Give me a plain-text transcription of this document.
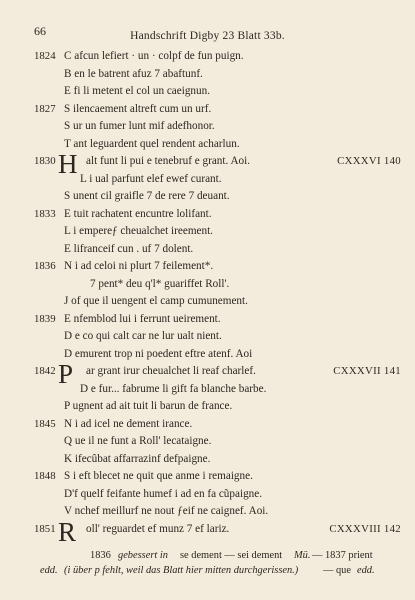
66	Handschrift Digby 23 Blatt 33b.
1824 C afcun lefiert · un · colpf de fun puign.
B en le batrent afuz 7 abaftunf.
E fi li metent el col un caeignun.
1827 S ilencaement altreft cum un urf.
S ur un fumer lunt mif adefhonor.
T ant leguardent quel rendent acharlun.
1830 H alt funt li pui e tenebruf e grant. Aoi.	CXXXVI 140
L i ual parfunt elef ewef curant.
S unent cil graifle 7 de rere 7 deuant.
1833 E tuit rachatent encuntre lolifant.
L i empereƒ cheualchet ireement.
E lifranceif cun . uf 7 dolent.
1836 N i ad celoi ni plurt 7 feilement*.
7 pent* deu q'l* guariffet Roll'.
J of que il uengent el camp cumunement.
1839 E nfemblod lui i ferrunt ueirement.
D e co qui calt car ne lur ualt nient.
D emurent trop ni poedent eftre atenf. Aoi
1842 P ar grant irur cheualchet li reaf charlef.	CXXXVII 141
D e fur... fabrume li gift fa blanche barbe.
P ugnent ad ait tuit li barun de france.
1845 N i ad icel ne dement irance.
Q ue il ne funt a Roll' lecataigne.
K ifecûbat affarrazinf defpaigne.
1848 S i eft blecet ne quit que anme i remaigne.
D'f quelf feifante humef i ad en fa cũpaigne.
V nchef meillurf ne nout ƒeif ne caignef. Aoi.
1851 R oll' reguardet ef munz 7 ef lariz.	CXXXVIII 142
1836 gebessert in se dement — sei dement Mü. — 1837 prient
edd. (i über p fehlt, weil das Blatt hier mitten durchgerissen.) — que edd.
